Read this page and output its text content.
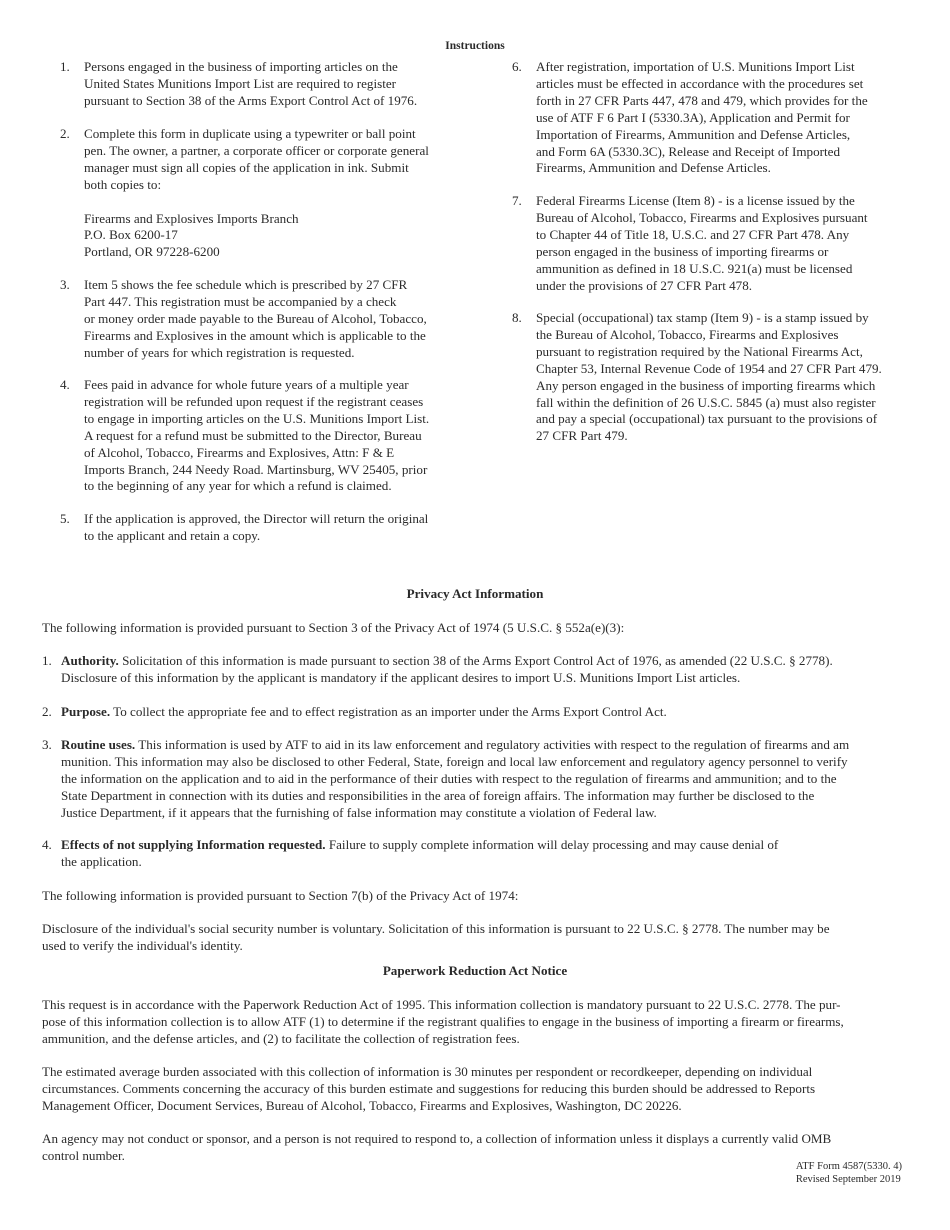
Instructions
1. Persons engaged in the business of importing articles on the
United States Munitions Import List are required to register
pursuant to Section 38 of the Arms Export Control Act of 1976.
2. Complete this form in duplicate using a typewriter or ball point
pen. The owner, a partner, a corporate officer or corporate general
manager must sign all copies of the application in ink. Submit
both copies to:

Firearms and Explosives Imports Branch
P.O. Box 6200-17
Portland, OR 97228-6200
3. Item 5 shows the fee schedule which is prescribed by 27 CFR
Part 447. This registration must be accompanied by a check
or money order made payable to the Bureau of Alcohol, Tobacco,
Firearms and Explosives in the amount which is applicable to the
number of years for which registration is requested.
4. Fees paid in advance for whole future years of a multiple year
registration will be refunded upon request if the registrant ceases
to engage in importing articles on the U.S. Munitions Import List.
A request for a refund must be submitted to the Director, Bureau
of Alcohol, Tobacco, Firearms and Explosives, Attn: F & E
Imports Branch, 244 Needy Road. Martinsburg, WV 25405, prior
to the beginning of any year for which a refund is claimed.
5. If the application is approved, the Director will return the original
to the applicant and retain a copy.
6. After registration, importation of U.S. Munitions Import List
articles must be effected in accordance with the procedures set
forth in 27 CFR Parts 447, 478 and 479, which provides for the
use of ATF F 6 Part I (5330.3A), Application and Permit for
Importation of Firearms, Ammunition and Defense Articles,
and Form 6A (5330.3C), Release and Receipt of Imported
Firearms, Ammunition and Defense Articles.
7. Federal Firearms License (Item 8) - is a license issued by the
Bureau of Alcohol, Tobacco, Firearms and Explosives pursuant
to Chapter 44 of Title 18, U.S.C. and 27 CFR Part 478. Any
person engaged in the business of importing firearms or
ammunition as defined in 18 U.S.C. 921(a) must be licensed
under the provisions of 27 CFR Part 478.
8. Special (occupational) tax stamp (Item 9) - is a stamp issued by
the Bureau of Alcohol, Tobacco, Firearms and Explosives
pursuant to registration required by the National Firearms Act,
Chapter 53, Internal Revenue Code of 1954 and 27 CFR Part 479.
Any person engaged in the business of importing firearms which
fall within the definition of 26 U.S.C. 5845 (a) must also register
and pay a special (occupational) tax pursuant to the provisions of
27 CFR Part 479.
Privacy Act Information
The following information is provided pursuant to Section 3 of the Privacy Act of 1974 (5 U.S.C. § 552a(e)(3):
1. Authority. Solicitation of this information is made pursuant to section 38 of the Arms Export Control Act of 1976, as amended (22 U.S.C. § 2778).
Disclosure of this information by the applicant is mandatory if the applicant desires to import U.S. Munitions Import List articles.
2. Purpose. To collect the appropriate fee and to effect registration as an importer under the Arms Export Control Act.
3. Routine uses. This information is used by ATF to aid in its law enforcement and regulatory activities with respect to the regulation of firearms and am
munition. This information may also be disclosed to other Federal, State, foreign and local law enforcement and regulatory agency personnel to verify
the information on the application and to aid in the performance of their duties with respect to the regulation of firearms and ammunition; and to the
State Department in connection with its duties and responsibilities in the area of foreign affairs. The information may further be disclosed to the
Justice Department, if it appears that the furnishing of false information may constitute a violation of Federal law.
4. Effects of not supplying Information requested. Failure to supply complete information will delay processing and may cause denial of
the application.
The following information is provided pursuant to Section 7(b) of the Privacy Act of 1974:
Disclosure of the individual's social security number is voluntary. Solicitation of this information is pursuant to 22 U.S.C. § 2778. The number may be
used to verify the individual's identity.
Paperwork Reduction Act Notice
This request is in accordance with the Paperwork Reduction Act of 1995. This information collection is mandatory pursuant to 22 U.S.C. 2778. The pur-
pose of this information collection is to allow ATF (1) to determine if the registrant qualifies to engage in the business of importing a firearm or firearms,
ammunition, and the defense articles, and (2) to facilitate the collection of registration fees.
The estimated average burden associated with this collection of information is 30 minutes per respondent or recordkeeper, depending on individual
circumstances. Comments concerning the accuracy of this burden estimate and suggestions for reducing this burden should be addressed to Reports
Management Officer, Document Services, Bureau of Alcohol, Tobacco, Firearms and Explosives, Washington, DC 20226.
An agency may not conduct or sponsor, and a person is not required to respond to, a collection of information unless it displays a currently valid OMB
control number.
ATF Form 4587(5330. 4)
Revised September 2019
